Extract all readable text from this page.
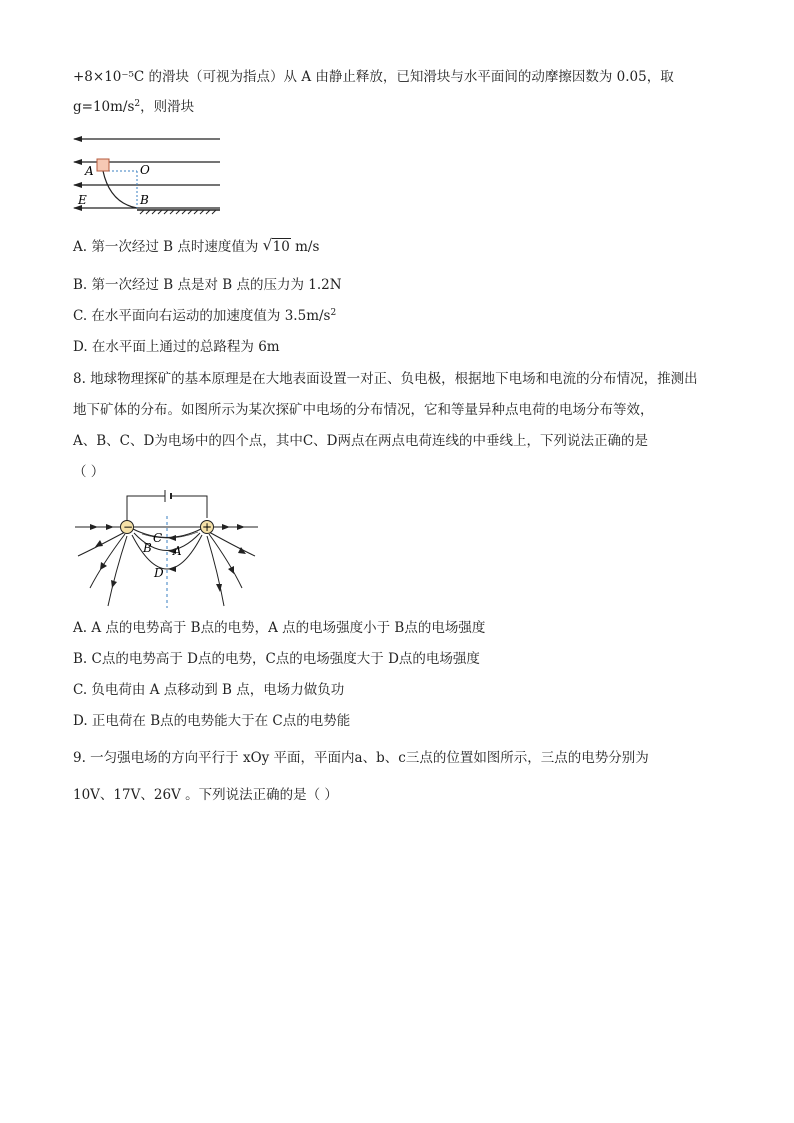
+8×10⁻⁵C 的滑块（可视为指点）从 A 由静止释放，已知滑块与水平面间的动摩擦因数为 0.05，取
$g=10m/s^2$，则滑块
A	O
E	B
A. 第一次经过 B 点时速度值为 √ 10 m/s
B. 第一次经过 B 点是对 B 点的压力为 1.2N
C. 在水平面向右运动的加速度值为 $3.5m/s^2$
D. 在水平面上通过的总路程为 6m
8. 地球物理探矿的基本原理是在大地表面设置一对正、负电极，根据地下电场和电流的分布情况，推测出
地下矿体的分布。如图所示为某次探矿中电场的分布情况，它和等量异种点电荷的电场分布等效，
A、B、C、D为电场中的四个点，其中C、D两点在两点电荷连线的中垂线上，下列说法正确的是
（ ）
−	+
C
B A
D
A. A 点的电势高于 B点的电势，A 点的电场强度小于 B点的电场强度
B. C点的电势高于 D点的电势，C点的电场强度大于 D点的电场强度
C. 负电荷由 A 点移动到 B 点，电场力做负功
D. 正电荷在 B点的电势能大于在 C点的电势能
9. 一匀强电场的方向平行于 xOy 平面，平面内a、b、c三点的位置如图所示，三点的电势分别为
10V、17V、26V 。下列说法正确的是（ ）
